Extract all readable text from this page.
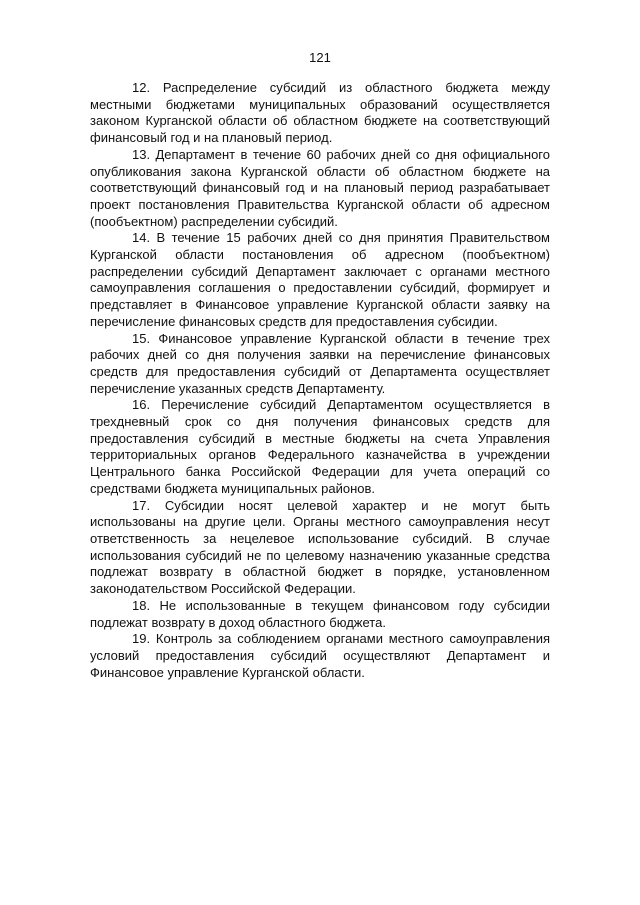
121

12. Распределение субсидий из областного бюджета между местными бюджетами муниципальных образований осуществляется законом Курганской области об областном бюджете на соответствующий финансовый год и на плановый период.

13. Департамент в течение 60 рабочих дней со дня официального опубликования закона Курганской области об областном бюджете на соответствующий финансовый год и на плановый период разрабатывает проект постановления Правительства Курганской области об адресном (пообъектном) распределении субсидий.

14. В течение 15 рабочих дней со дня принятия Правительством Курганской области постановления об адресном (пообъектном) распределении субсидий Департамент заключает с органами местного самоуправления соглашения о предоставлении субсидий, формирует и представляет в Финансовое управление Курганской области заявку на перечисление финансовых средств для предоставления субсидии.

15. Финансовое управление Курганской области в течение трех рабочих дней со дня получения заявки на перечисление финансовых средств для предоставления субсидий от Департамента осуществляет перечисление указанных средств Департаменту.

16. Перечисление субсидий Департаментом осуществляется в трехдневный срок со дня получения финансовых средств для предоставления субсидий в местные бюджеты на счета Управления территориальных органов Федерального казначейства в учреждении Центрального банка Российской Федерации для учета операций со средствами бюджета муниципальных районов.

17. Субсидии носят целевой характер и не могут быть использованы на другие цели. Органы местного самоуправления несут ответственность за нецелевое использование субсидий. В случае использования субсидий не по целевому назначению указанные средства подлежат возврату в областной бюджет в порядке, установленном законодательством Российской Федерации.

18. Не использованные в текущем финансовом году субсидии подлежат возврату в доход областного бюджета.

19. Контроль за соблюдением органами местного самоуправления условий предоставления субсидий осуществляют Департамент и Финансовое управление Курганской области.
